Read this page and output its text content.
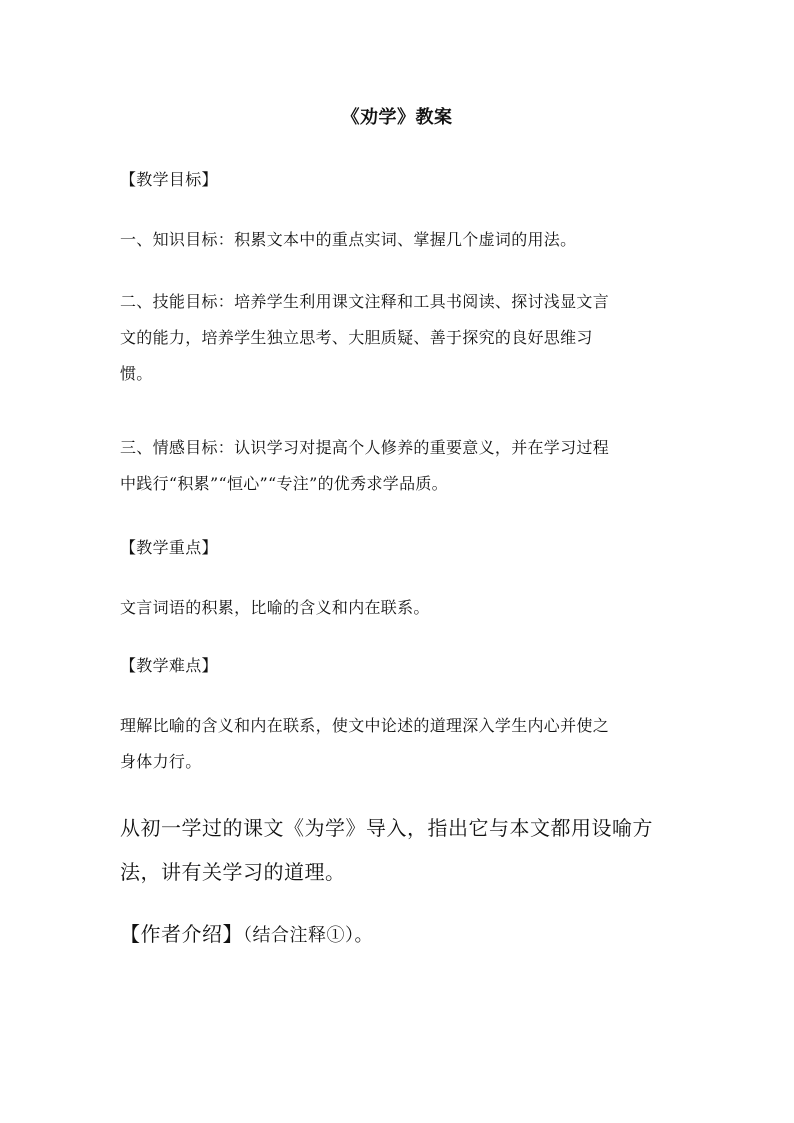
《劝学》教案
【教学目标】
一、知识目标：积累文本中的重点实词、掌握几个虚词的用法。
二、技能目标：培养学生利用课文注释和工具书阅读、探讨浅显文言
文的能力，培养学生独立思考、大胆质疑、善于探究的良好思维习
惯。
三、情感目标：认识学习对提高个人修养的重要意义，并在学习过程
中践行“积累”“恒心”“专注”的优秀求学品质。
【教学重点】
文言词语的积累，比喻的含义和内在联系。
【教学难点】
理解比喻的含义和内在联系，使文中论述的道理深入学生内心并使之
身体力行。
从初一学过的课文《为学》导入，指出它与本文都用设喻方
法，讲有关学习的道理。
【作者介绍】（结合注释①）。
